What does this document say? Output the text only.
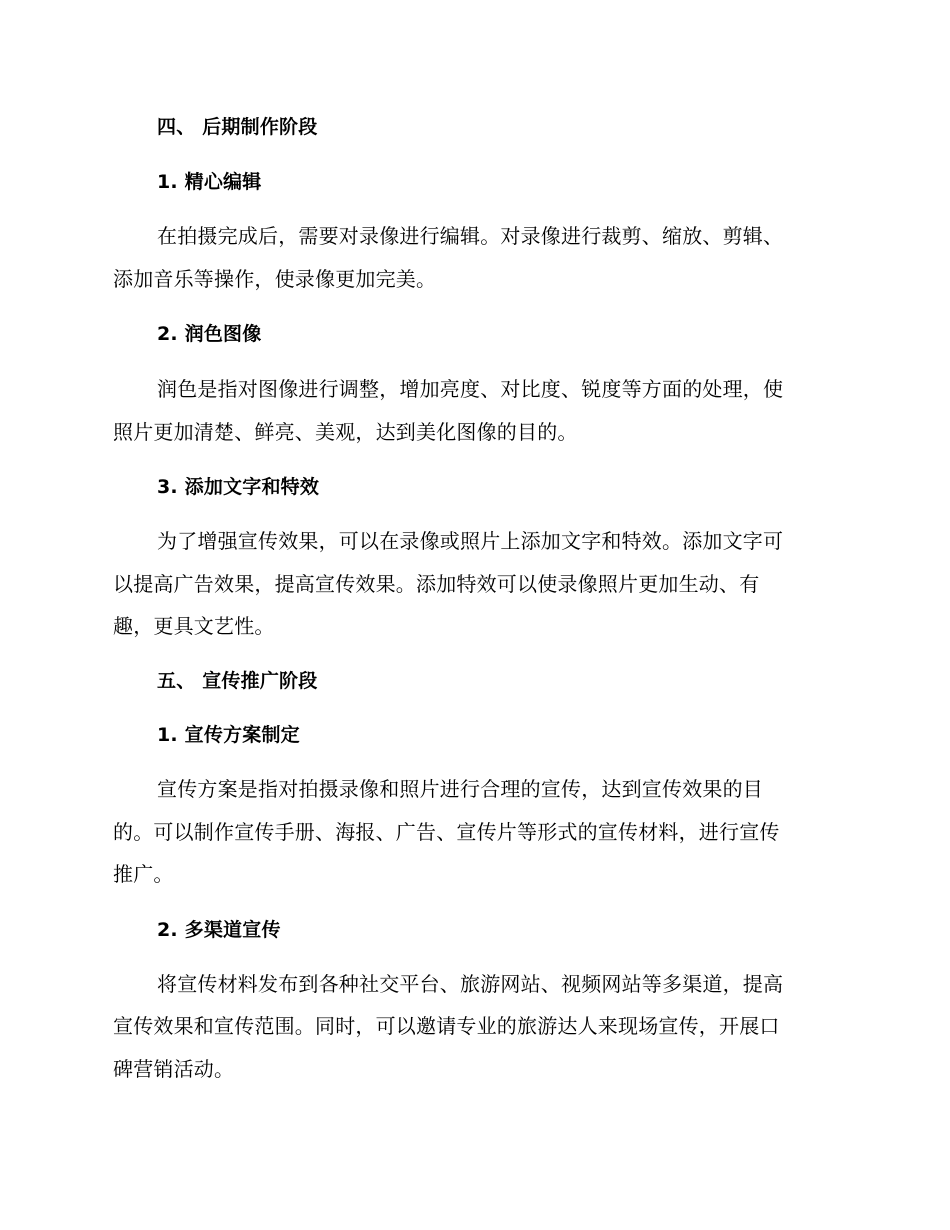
四、 后期制作阶段
1. 精心编辑
在拍摄完成后，需要对录像进行编辑。对录像进行裁剪、缩放、剪辑、
添加音乐等操作，使录像更加完美。
2. 润色图像
润色是指对图像进行调整，增加亮度、对比度、锐度等方面的处理，使
照片更加清楚、鲜亮、美观，达到美化图像的目的。
3. 添加文字和特效
为了增强宣传效果，可以在录像或照片上添加文字和特效。添加文字可
以提高广告效果，提高宣传效果。添加特效可以使录像照片更加生动、有
趣，更具文艺性。
五、 宣传推广阶段
1. 宣传方案制定
宣传方案是指对拍摄录像和照片进行合理的宣传，达到宣传效果的目
的。可以制作宣传手册、海报、广告、宣传片等形式的宣传材料，进行宣传
推广。
2. 多渠道宣传
将宣传材料发布到各种社交平台、旅游网站、视频网站等多渠道，提高
宣传效果和宣传范围。同时，可以邀请专业的旅游达人来现场宣传，开展口
碑营销活动。
